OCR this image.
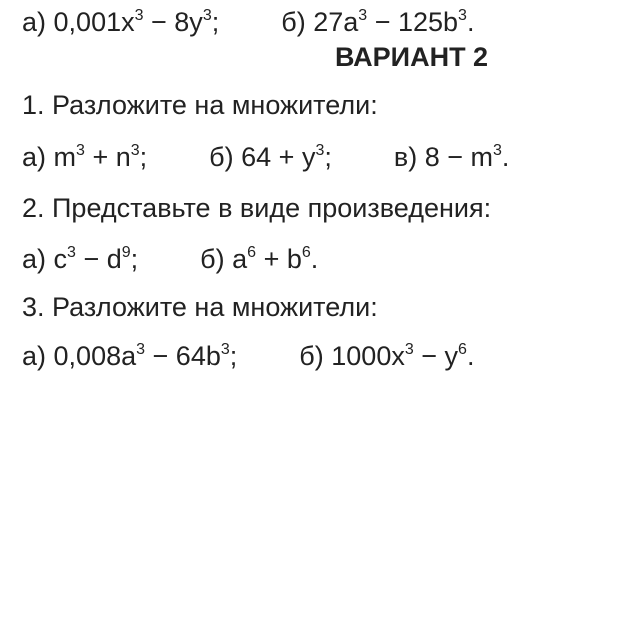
а) $0,001x^3 - 8y^3$; б) $27a^3 - 125b^3$.
ВАРИАНТ 2
1. Разложите на множители:
а) $m^3 + n^3$; б) $64 + y^3$; в) $8 - m^3$.
2. Представьте в виде произведения:
а) $c^3 - d^9$; б) $a^6 + b^6$.
3. Разложите на множители:
а) $0,008a^3 - 64b^3$; б) $1000x^3 - y^6$.
